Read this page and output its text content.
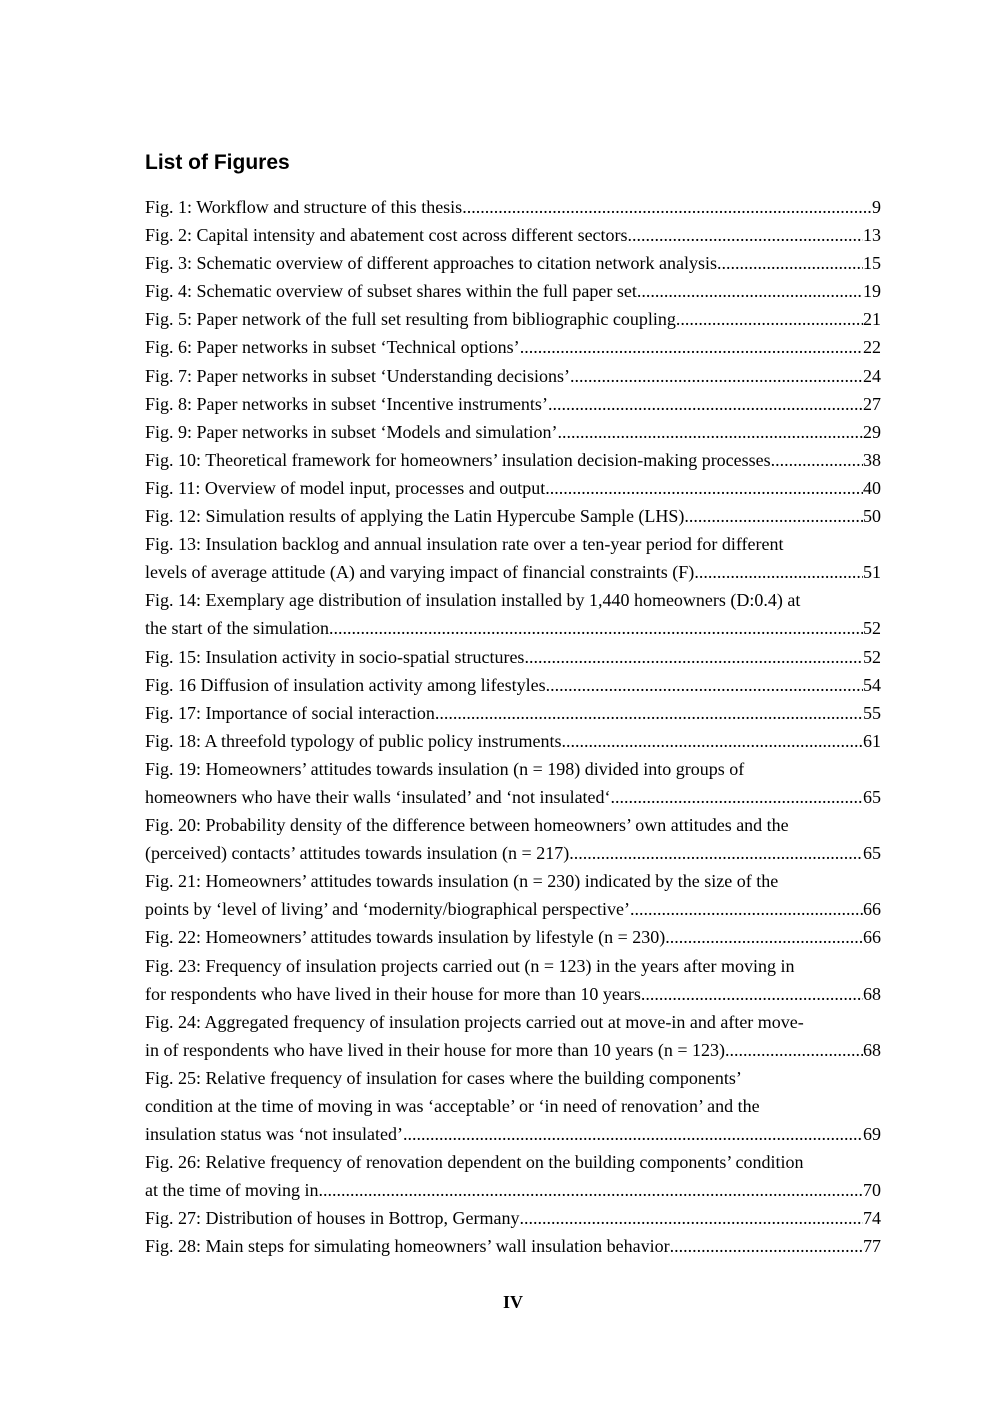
List of Figures
Fig. 1: Workflow and structure of this thesis .....	9
Fig. 2: Capital intensity and abatement cost across different sectors .....	13
Fig. 3: Schematic overview of different approaches to citation network analysis .....	15
Fig. 4: Schematic overview of subset shares within the full paper set .....	19
Fig. 5: Paper network of the full set resulting from bibliographic coupling .....	21
Fig. 6: Paper networks in subset ‘Technical options’ .....	22
Fig. 7: Paper networks in subset ‘Understanding decisions’ .....	24
Fig. 8: Paper networks in subset ‘Incentive instruments’ .....	27
Fig. 9: Paper networks in subset ‘Models and simulation’ .....	29
Fig. 10: Theoretical framework for homeowners’ insulation decision-making processes .....	38
Fig. 11: Overview of model input, processes and output .....	40
Fig. 12: Simulation results of applying the Latin Hypercube Sample (LHS) .....	50
Fig. 13: Insulation backlog and annual insulation rate over a ten-year period for different
levels of average attitude (A) and varying impact of financial constraints (F) .....	51
Fig. 14: Exemplary age distribution of insulation installed by 1,440 homeowners (D:0.4) at
the start of the simulation .....	52
Fig. 15: Insulation activity in socio-spatial structures .....	52
Fig. 16 Diffusion of insulation activity among lifestyles .....	54
Fig. 17: Importance of social interaction .....	55
Fig. 18: A threefold typology of public policy instruments .....	61
Fig. 19: Homeowners’ attitudes towards insulation (n = 198) divided into groups of
homeowners who have their walls ‘insulated’ and ‘not insulated‘ .....	65
Fig. 20: Probability density of the difference between homeowners’ own attitudes and the
(perceived) contacts’ attitudes towards insulation (n = 217) .....	65
Fig. 21: Homeowners’ attitudes towards insulation (n = 230) indicated by the size of the
points by ‘level of living’ and ‘modernity/biographical perspective’ .....	66
Fig. 22: Homeowners’ attitudes towards insulation by lifestyle (n = 230) .....	66
Fig. 23: Frequency of insulation projects carried out (n = 123) in the years after moving in
for respondents who have lived in their house for more than 10 years .....	68
Fig. 24: Aggregated frequency of insulation projects carried out at move-in and after move-
in of respondents who have lived in their house for more than 10 years (n = 123) .....	68
Fig. 25: Relative frequency of insulation for cases where the building components’
condition at the time of moving in was ‘acceptable’ or ‘in need of renovation’ and the
insulation status was ‘not insulated’ .....	69
Fig. 26: Relative frequency of renovation dependent on the building components’ condition
at the time of moving in .....	70
Fig. 27: Distribution of houses in Bottrop, Germany .....	74
Fig. 28: Main steps for simulating homeowners’ wall insulation behavior .....	77
IV
